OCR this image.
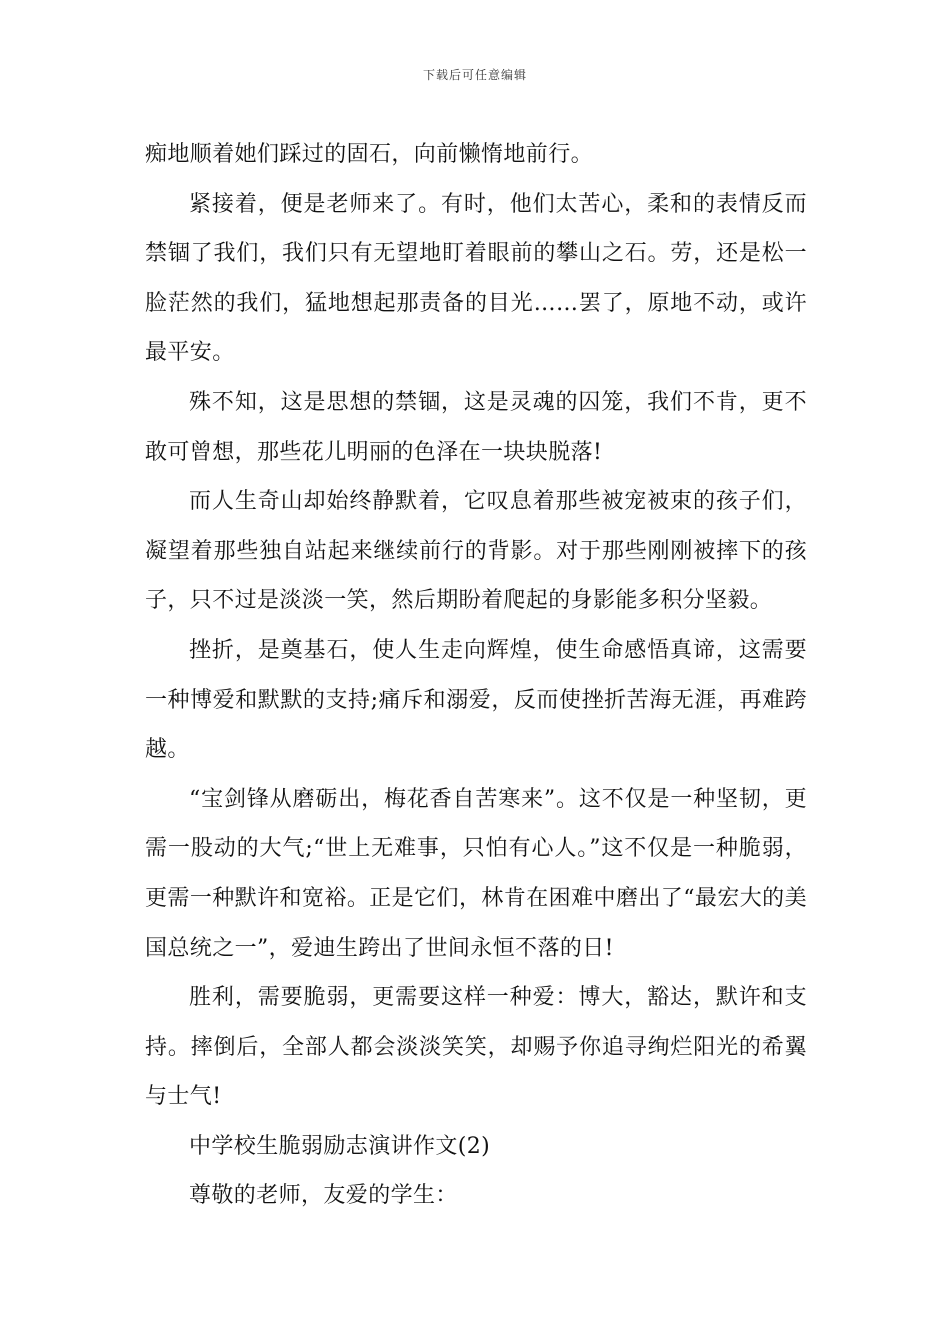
下载后可任意编辑

痴地顺着她们踩过的固石，向前懒惰地前行。

紧接着，便是老师来了。有时，他们太苦心，柔和的表情反而禁锢了我们，我们只有无望地盯着眼前的攀山之石。劳，还是松一脸茫然的我们，猛地想起那责备的目光……罢了，原地不动，或许最平安。

殊不知，这是思想的禁锢，这是灵魂的囚笼，我们不肯，更不敢可曾想，那些花儿明丽的色泽在一块块脱落!

而人生奇山却始终静默着，它叹息着那些被宠被束的孩子们，凝望着那些独自站起来继续前行的背影。对于那些刚刚被摔下的孩子，只不过是淡淡一笑，然后期盼着爬起的身影能多积分坚毅。

挫折，是奠基石，使人生走向辉煌，使生命感悟真谛，这需要一种博爱和默默的支持;痛斥和溺爱，反而使挫折苦海无涯，再难跨越。

“宝剑锋从磨砺出，梅花香自苦寒来”。这不仅是一种坚韧，更需一股动的大气;“世上无难事，只怕有心人。”这不仅是一种脆弱，更需一种默许和宽裕。正是它们，林肯在困难中磨出了“最宏大的美国总统之一”，爱迪生跨出了世间永恒不落的日!

胜利，需要脆弱，更需要这样一种爱：博大，豁达，默许和支持。摔倒后，全部人都会淡淡笑笑，却赐予你追寻绚烂阳光的希翼与士气!

中学校生脆弱励志演讲作文(2)

尊敬的老师，友爱的学生：
